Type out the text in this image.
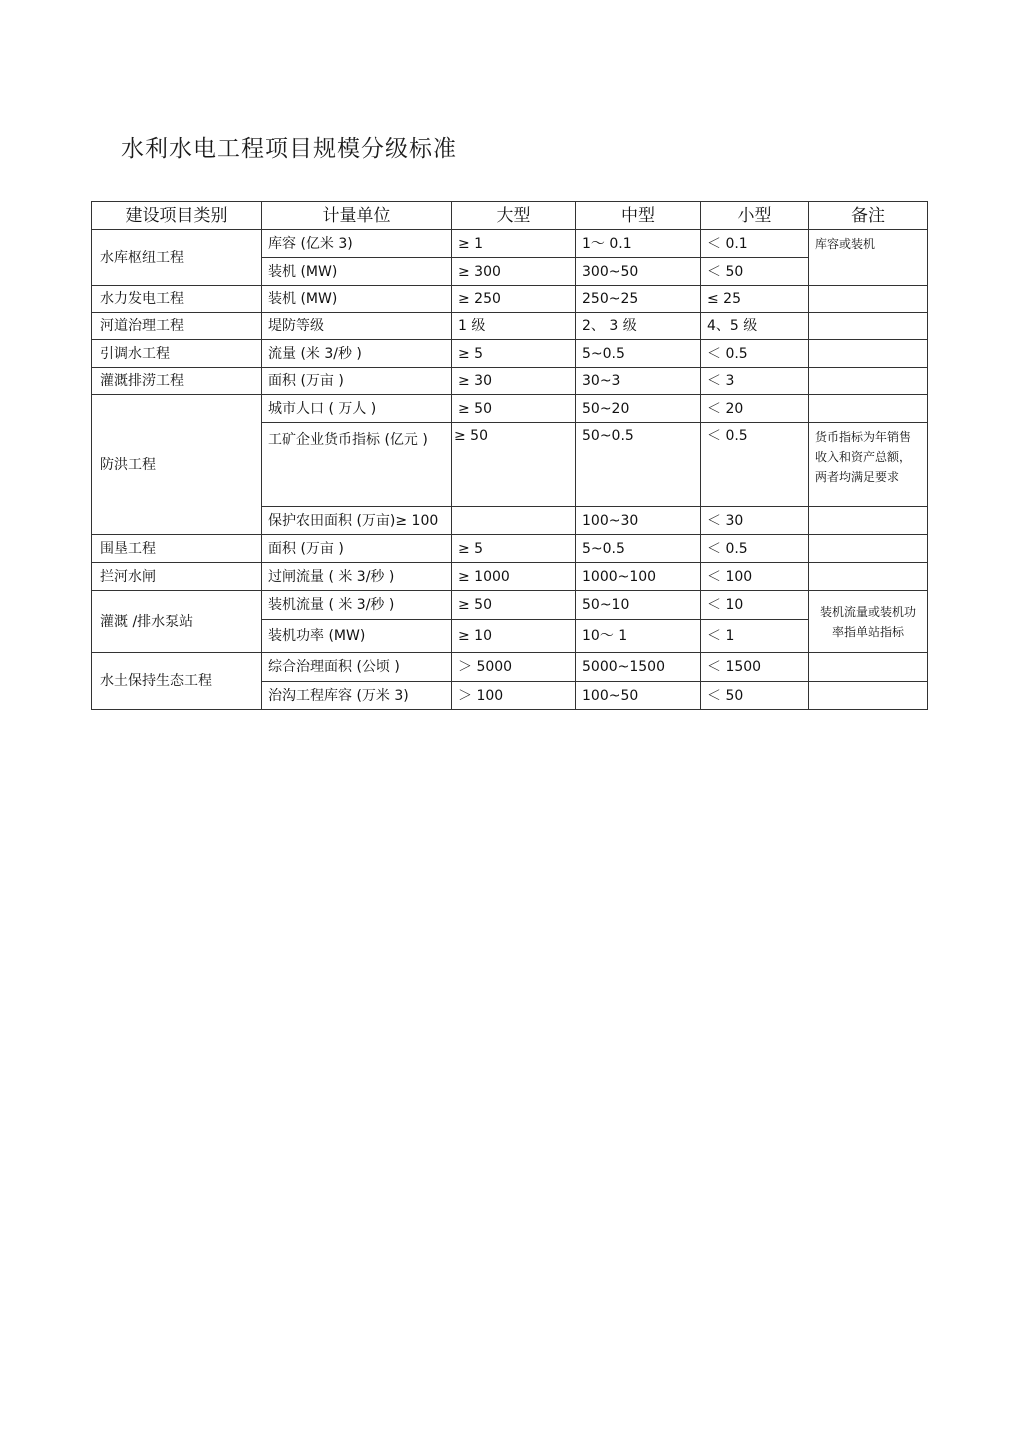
水利水电工程项目规模分级标准
建设项目类别	计量单位	大型	中型	小型	备注
水库枢纽工程	库容 (亿米 3)	≥ 1	1～ 0.1	＜ 0.1	库容或装机
	装机 (MW)	≥ 300	300~50	＜ 50	
水力发电工程	装机 (MW)	≥ 250	250~25	≤ 25	
河道治理工程	堤防等级	1 级	2、 3 级	4、5 级	
引调水工程	流量 (米 3/秒 )	≥ 5	5~0.5	＜ 0.5	
灌溉排涝工程	面积 (万亩 )	≥ 30	30~3	＜ 3	
防洪工程	城市人口 ( 万人 )	≥ 50	50~20	＜ 20	
	工矿企业货币指标 (亿元 )	≥ 50	50~0.5	＜ 0.5	货币指标为年销售收入和资产总额，两者均满足要求
	保护农田面积 (万亩)≥ 100		100~30	＜ 30	
围垦工程	面积 (万亩 )	≥ 5	5~0.5	＜ 0.5	
拦河水闸	过闸流量 ( 米 3/秒 )	≥ 1000	1000~100	＜ 100	
灌溉 /排水泵站	装机流量 ( 米 3/秒 )	≥ 50	50~10	＜ 10	装机流量或装机功率指单站指标
	装机功率 (MW)	≥ 10	10～ 1	＜ 1	
水土保持生态工程	综合治理面积 (公顷 )	＞ 5000	5000~1500	＜ 1500	
	治沟工程库容 (万米 3)	＞ 100	100~50	＜ 50	
